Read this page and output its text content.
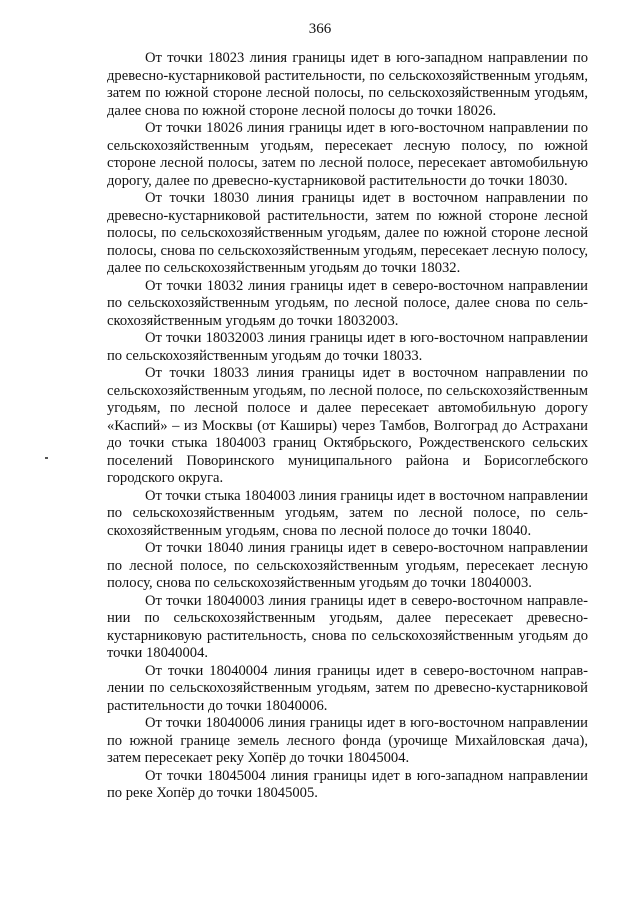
366

От точки 18023 линия границы идет в юго-западном направлении по древесно-кустарниковой растительности, по сельскохозяйственным угодьям, затем по южной стороне лесной полосы, по сельскохозяйственным угодьям, далее снова по южной стороне лесной полосы до точки 18026.

От точки 18026 линия границы идет в юго-восточном направлении по сельскохозяйственным угодьям, пересекает лесную полосу, по южной стороне лесной полосы, затем по лесной полосе, пересекает автомобильную дорогу, далее по древесно-кустарниковой растительности до точки 18030.

От точки 18030 линия границы идет в восточном направлении по древесно-кустарниковой растительности, затем по южной стороне лесной полосы, по сельскохозяйственным угодьям, далее по южной стороне лесной полосы, снова по сельскохозяйственным угодьям, пересекает лесную полосу, далее по сельскохозяйственным угодьям до точки 18032.

От точки 18032 линия границы идет в северо-восточном направлении по сельскохозяйственным угодьям, по лесной полосе, далее снова по сельскохозяйственным угодьям до точки 18032003.

От точки 18032003 линия границы идет в юго-восточном направлении по сельскохозяйственным угодьям до точки 18033.

От точки 18033 линия границы идет в восточном направлении по сельскохозяйственным угодьям, по лесной полосе, по сельскохозяйственным угодьям, по лесной полосе и далее пересекает автомобильную дорогу «Каспий» – из Москвы (от Каширы) через Тамбов, Волгоград до Астрахани до точки стыка 1804003 границ Октябрьского, Рождественского сельских поселений Поворинского муниципального района и Борисоглебского городского округа.

От точки стыка 1804003 линия границы идет в восточном направлении по сельскохозяйственным угодьям, затем по лесной полосе, по сельскохозяйственным угодьям, снова по лесной полосе до точки 18040.

От точки 18040 линия границы идет в северо-восточном направлении по лесной полосе, по сельскохозяйственным угодьям, пересекает лесную полосу, снова по сельскохозяйственным угодьям до точки 18040003.

От точки 18040003 линия границы идет в северо-восточном направлении по сельскохозяйственным угодьям, далее пересекает древесно-кустарниковую растительность, снова по сельскохозяйственным угодьям до точки 18040004.

От точки 18040004 линия границы идет в северо-восточном направлении по сельскохозяйственным угодьям, затем по древесно-кустарниковой растительности до точки 18040006.

От точки 18040006 линия границы идет в юго-восточном направлении по южной границе земель лесного фонда (урочище Михайловская дача), затем пересекает реку Хопёр до точки 18045004.

От точки 18045004 линия границы идет в юго-западном направлении по реке Хопёр до точки 18045005.
